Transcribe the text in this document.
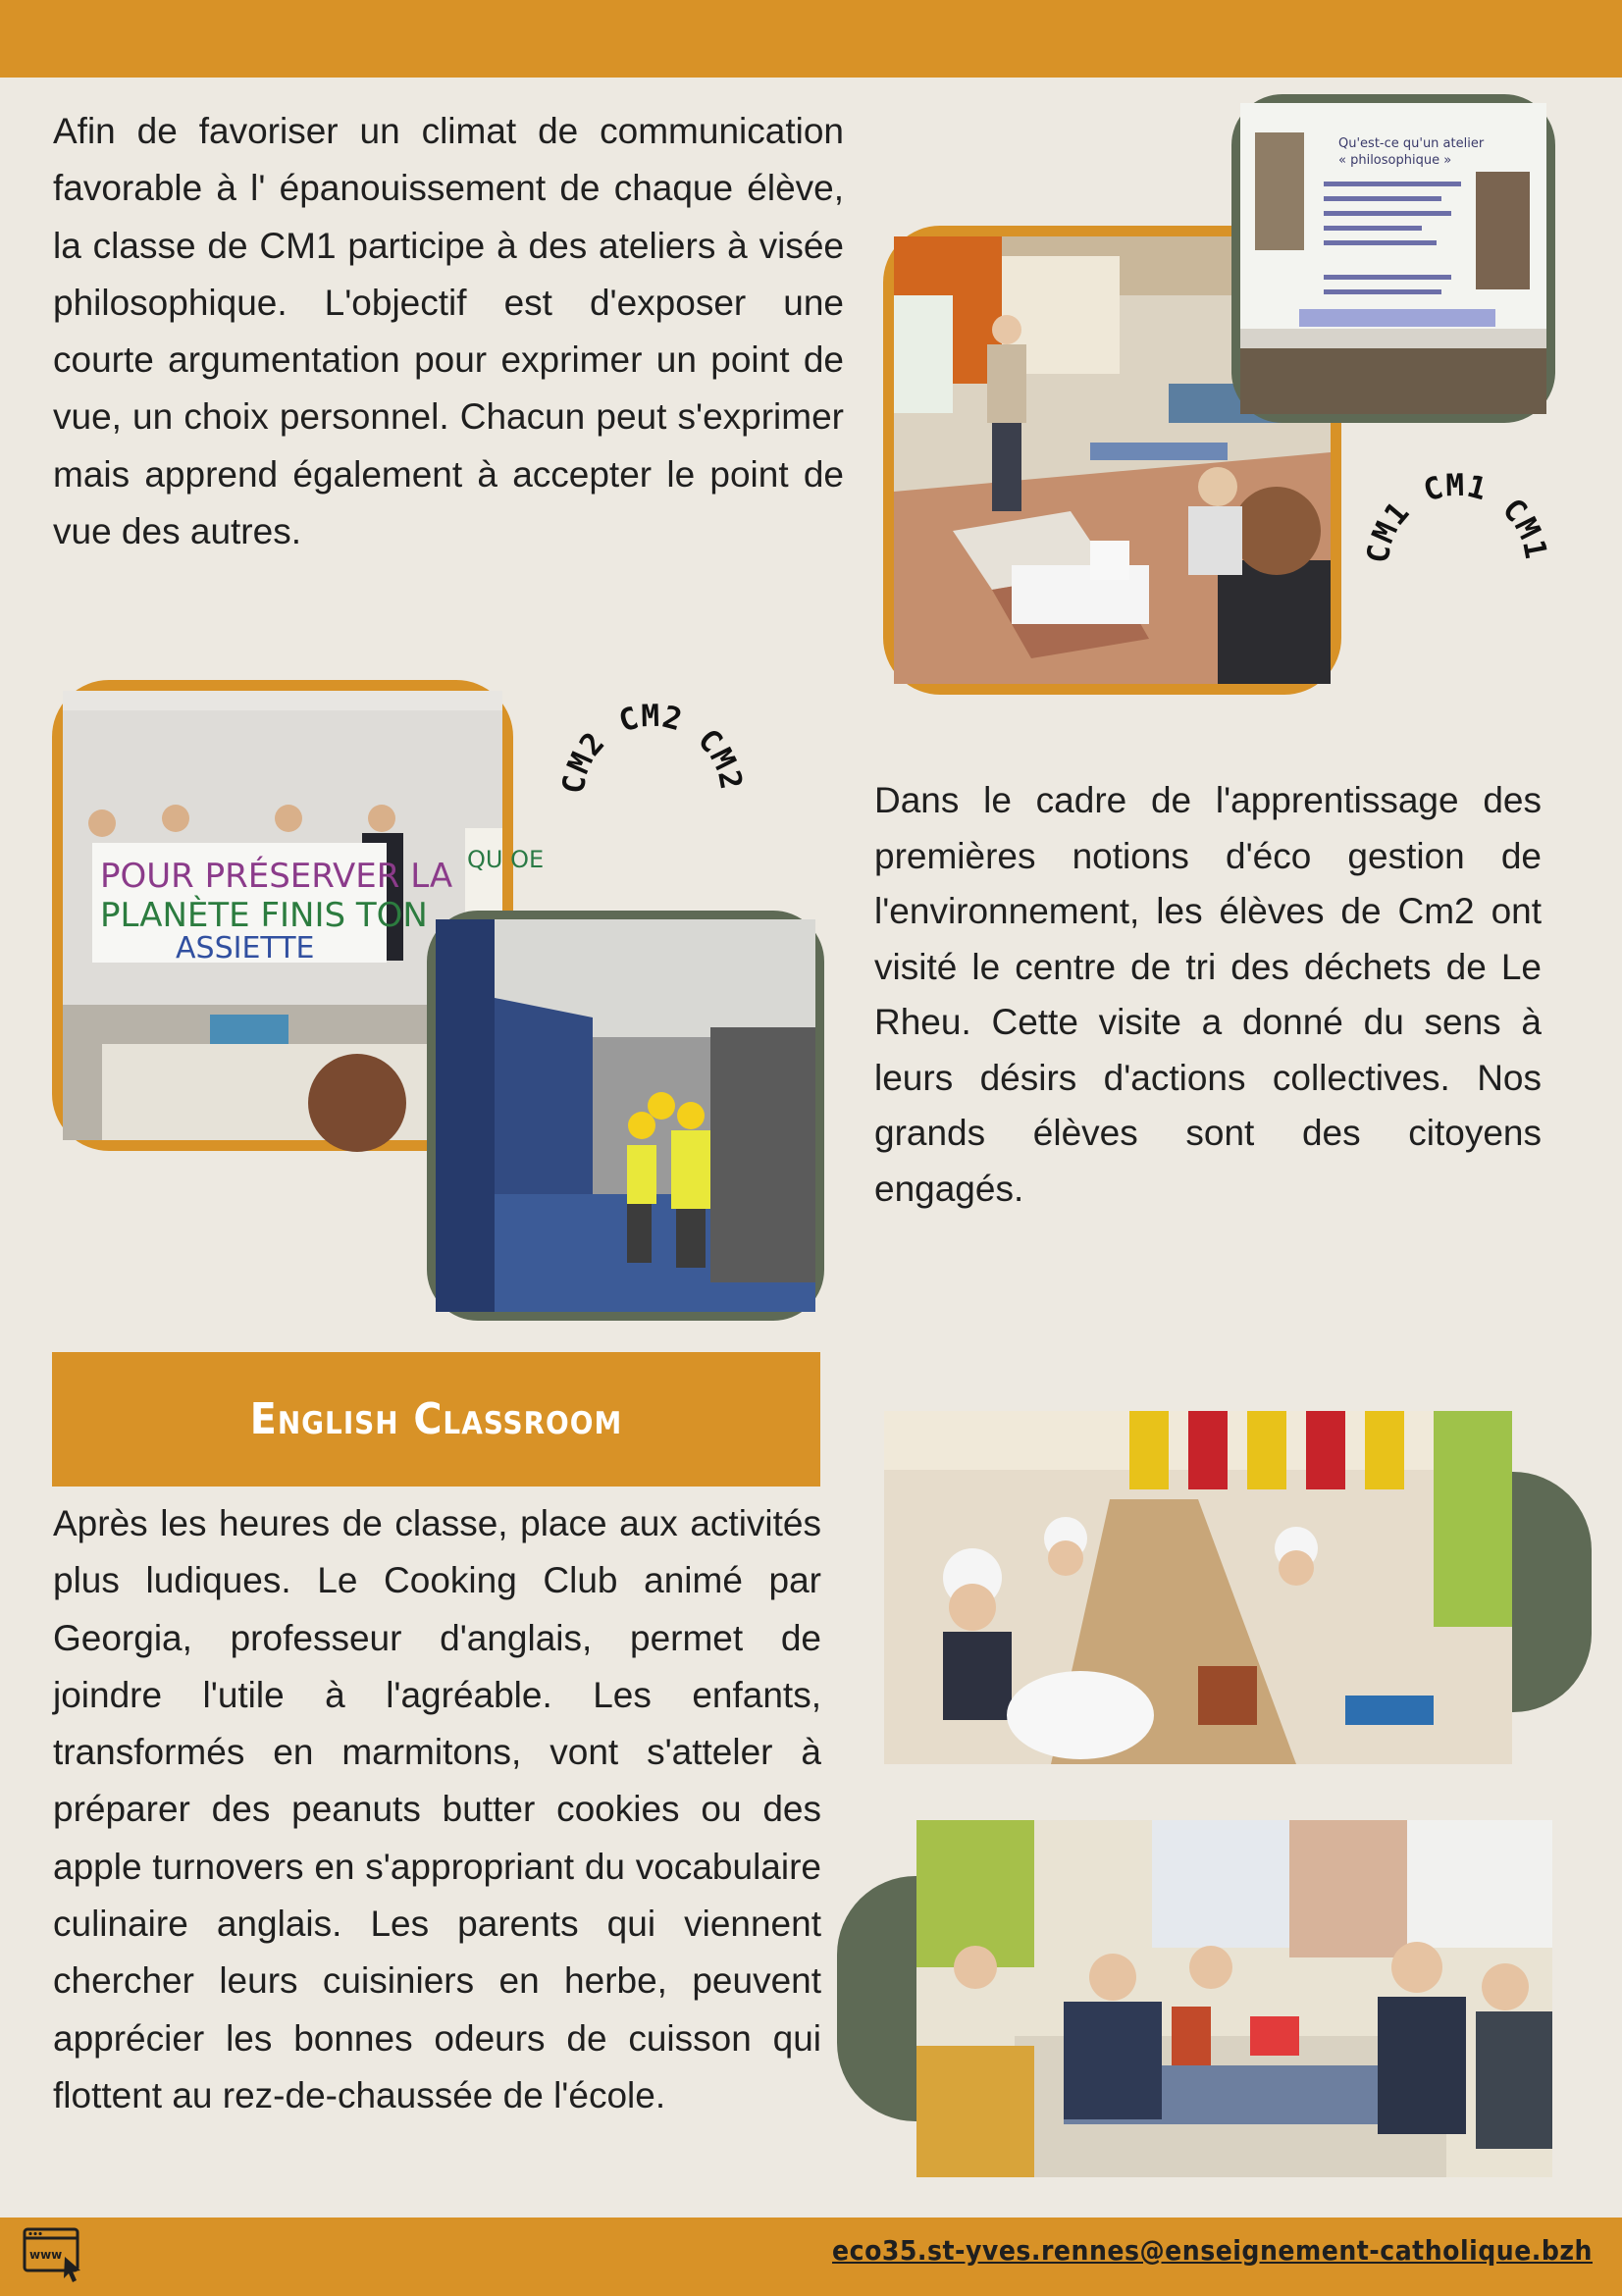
Afin de favoriser un climat de communication favorable à l' épanouissement de chaque élève, la classe de CM1 participe à des ateliers à visée philosophique. L'objectif est d'exposer une courte argumentation pour exprimer un point de vue, un choix personnel. Chacun peut s'exprimer mais apprend également à accepter le point de vue des autres.

Qu'est-ce qu'un atelier
« philosophique »
CM1 CM1 CM1
POUR PRÉSERVER LA
PLANÈTE FINIS TON
ASSIETTE
QU OE
CM2 CM2 CM2	Dans le cadre de l'apprentissage des premières notions d'éco gestion de l'environnement, les élèves de Cm2 ont visité le centre de tri des déchets de Le Rheu. Cette visite a donné du sens à leurs désirs d'actions collectives. Nos grands élèves sont des citoyens engagés.

English Classroom

Après les heures de classe, place aux activités plus ludiques. Le Cooking Club animé par Georgia, professeur d'anglais, permet de joindre l'utile à l'agréable. Les enfants, transformés en marmitons, vont s'atteler à préparer des peanuts butter cookies ou des apple turnovers en s'appropriant du vocabulaire culinaire anglais. Les parents qui viennent chercher leurs cuisiniers en herbe, peuvent apprécier les bonnes odeurs de cuisson qui flottent au rez-de-chaussée de l'école.

www	eco35.st-yves.rennes@enseignement-catholique.bzh
